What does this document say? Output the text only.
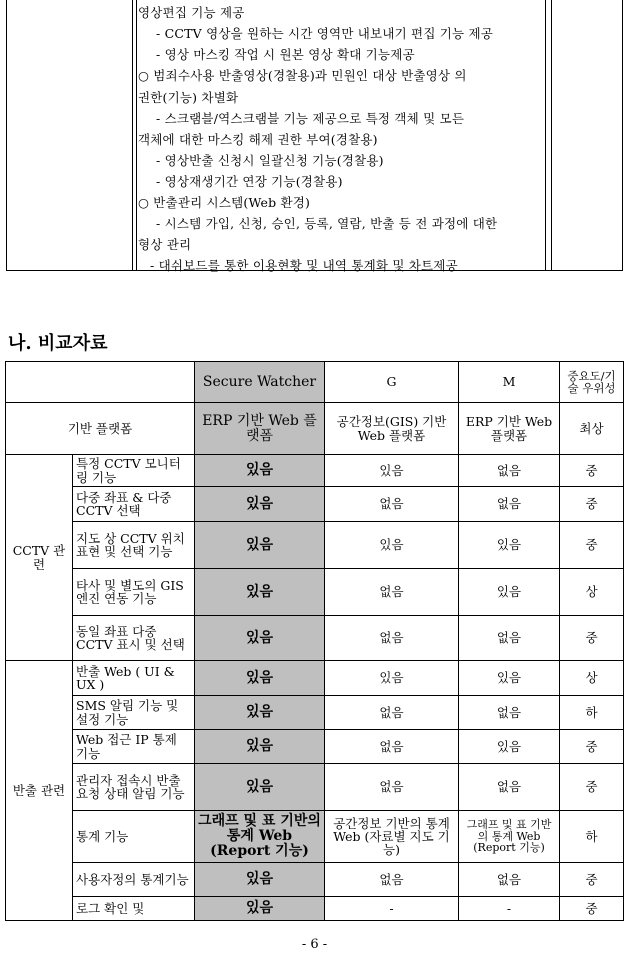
영상편집 기능 제공
- CCTV 영상을 원하는 시간 영역만 내보내기 편집 기능 제공
- 영상 마스킹 작업 시 원본 영상 확대 기능제공
○ 범죄수사용 반출영상(경찰용)과 민원인 대상 반출영상 의
권한(기능) 차별화
- 스크램블/역스크램블 기능 제공으로 특정 객체 및 모든
객체에 대한 마스킹 해제 권한 부여(경찰용)
- 영상반출 신청시 일괄신청 기능(경찰용)
- 영상재생기간 연장 기능(경찰용)
○ 반출관리 시스템(Web 환경)
- 시스템 가입, 신청, 승인, 등록, 열람, 반출 등 전 과정에 대한
형상 관리
- 대쉬보드를 통한 이용현황 및 내역 통계화 및 차트제공
나. 비교자료
		Secure Watcher	G	M	중요도/기술 우위성
기반 플랫폼		ERP 기반 Web 플랫폼	공간정보(GIS) 기반 Web 플랫폼	ERP 기반 Web 플랫폼	최상
CCTV 관련	특정 CCTV 모니터링 기능	있음	있음	없음	중
	다중 좌표 & 다중 CCTV 선택	있음	없음	없음	중
	지도 상 CCTV 위치 표현 및 선택 기능	있음	있음	있음	중
	타사 및 별도의 GIS 엔진 연동 기능	있음	없음	있음	상
	동일 좌표 다중 CCTV 표시 및 선택	있음	없음	없음	중
반출 관련	반출 Web ( UI & UX )	있음	있음	있음	상
	SMS 알림 기능 및 설정 기능	있음	없음	없음	하
	Web 접근 IP 통제 기능	있음	없음	있음	중
	관리자 접속시 반출 요청 상태 알림 기능	있음	없음	없음	중
	통계 기능	그래프 및 표 기반의 통계 Web (Report 기능)	공간정보 기반의 통계 Web (자료별 지도 기능)	그래프 및 표 기반의 통계 Web (Report 기능)	하
	사용자정의 통계기능	있음	없음	없음	중
	로그 확인 및	있음	-	-	중
- 6 -
